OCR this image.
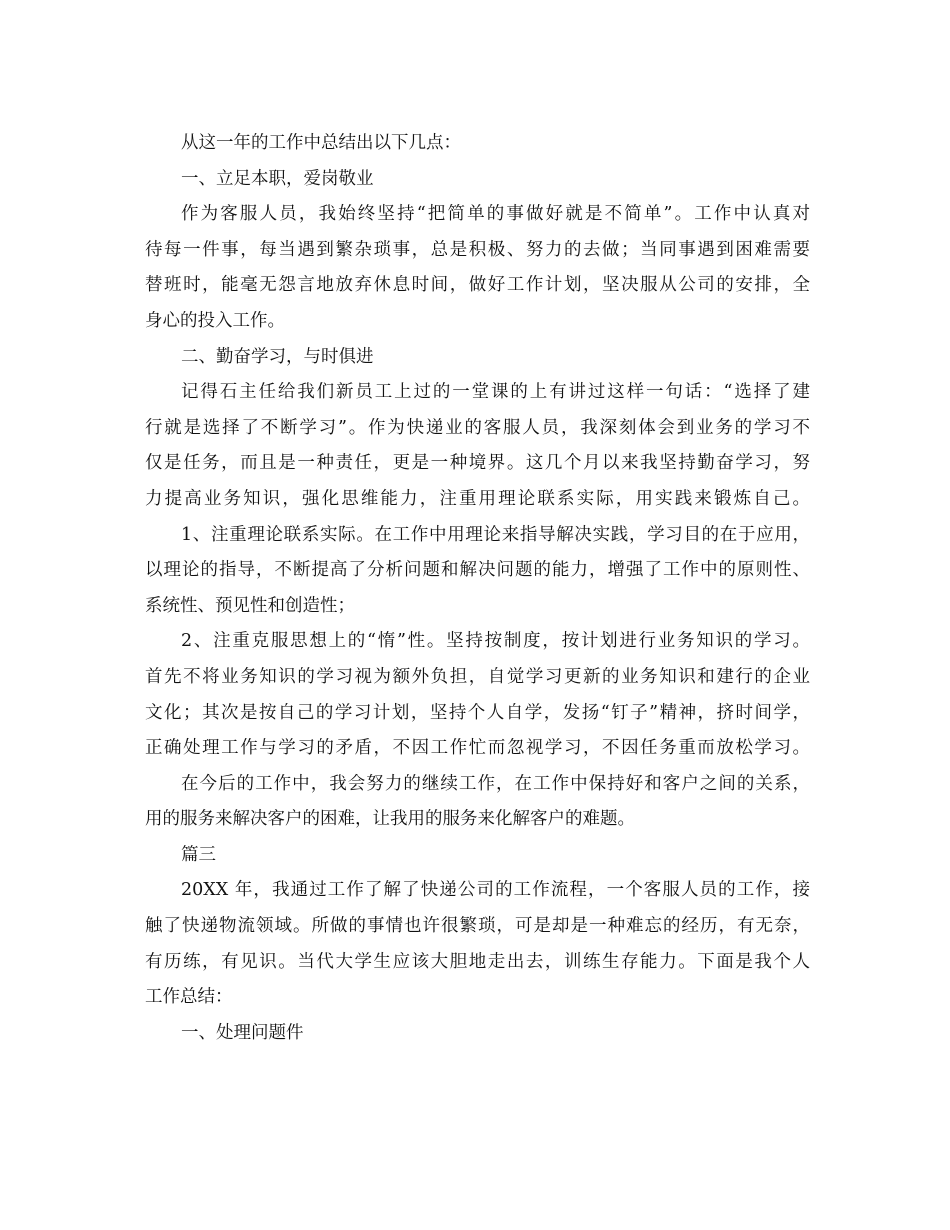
从这一年的工作中总结出以下几点：
一、立足本职，爱岗敬业
作为客服人员，我始终坚持“把简单的事做好就是不简单”。工作中认真对
待每一件事，每当遇到繁杂琐事，总是积极、努力的去做；当同事遇到困难需要
替班时，能毫无怨言地放弃休息时间，做好工作计划，坚决服从公司的安排，全
身心的投入工作。
二、勤奋学习，与时俱进
记得石主任给我们新员工上过的一堂课的上有讲过这样一句话：“选择了建
行就是选择了不断学习”。作为快递业的客服人员，我深刻体会到业务的学习不
仅是任务，而且是一种责任，更是一种境界。这几个月以来我坚持勤奋学习，努
力提高业务知识，强化思维能力，注重用理论联系实际，用实践来锻炼自己。
1、注重理论联系实际。在工作中用理论来指导解决实践，学习目的在于应用，
以理论的指导，不断提高了分析问题和解决问题的能力，增强了工作中的原则性、
系统性、预见性和创造性；
2、注重克服思想上的“惰”性。坚持按制度，按计划进行业务知识的学习。
首先不将业务知识的学习视为额外负担，自觉学习更新的业务知识和建行的企业
文化；其次是按自己的学习计划，坚持个人自学，发扬“钉子”精神，挤时间学，
正确处理工作与学习的矛盾，不因工作忙而忽视学习，不因任务重而放松学习。
在今后的工作中，我会努力的继续工作，在工作中保持好和客户之间的关系，
用的服务来解决客户的困难，让我用的服务来化解客户的难题。
篇三
20XX 年，我通过工作了解了快递公司的工作流程，一个客服人员的工作，接
触了快递物流领域。所做的事情也许很繁琐，可是却是一种难忘的经历，有无奈，
有历练，有见识。当代大学生应该大胆地走出去，训练生存能力。下面是我个人
工作总结：
一、处理问题件
